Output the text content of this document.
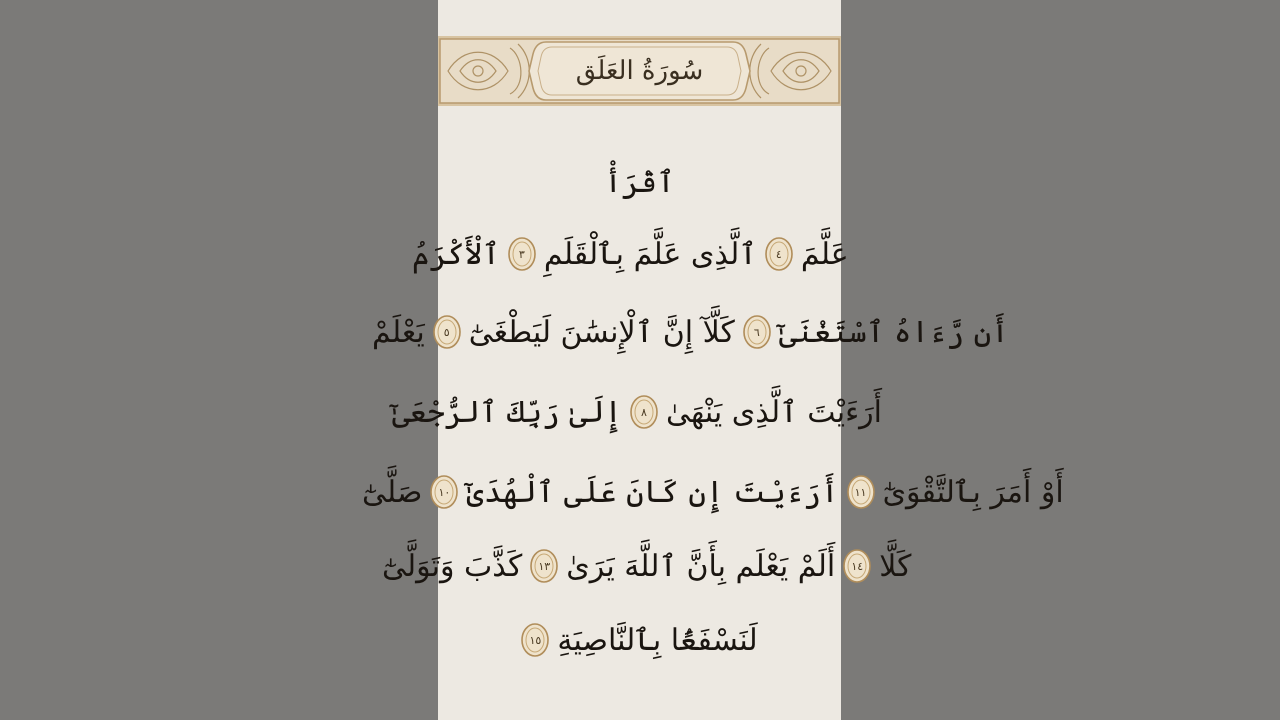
سُورَةُ العَلَق
ٱقْرَأْ
ٱلْأَكْرَمُ	٣ ٱلَّذِى عَلَّمَ بِٱلْقَلَمِ	٤ عَلَّمَ
يَعْلَمْ	٥ كَلَّآ إِنَّ ٱلْإِنسَٰنَ لَيَطْغَىٰٓ	٦ أَن رَّءَاهُ ٱسْتَغْنَىٰٓ
إِلَىٰ رَبِّكَ ٱلرُّجْعَىٰٓ	٨ أَرَءَيْتَ ٱلَّذِى يَنْهَىٰ
صَلَّىٰٓ	١٠ أَرَءَيْتَ إِن كَانَ عَلَى ٱلْهُدَىٰٓ	١١ أَوْ أَمَرَ بِٱلتَّقْوَىٰٓ
كَذَّبَ وَتَوَلَّىٰٓ	١٣ أَلَمْ يَعْلَم بِأَنَّ ٱللَّهَ يَرَىٰ	١٤ كَلَّا
١٥ لَنَسْفَعًۢا بِٱلنَّاصِيَةِ
